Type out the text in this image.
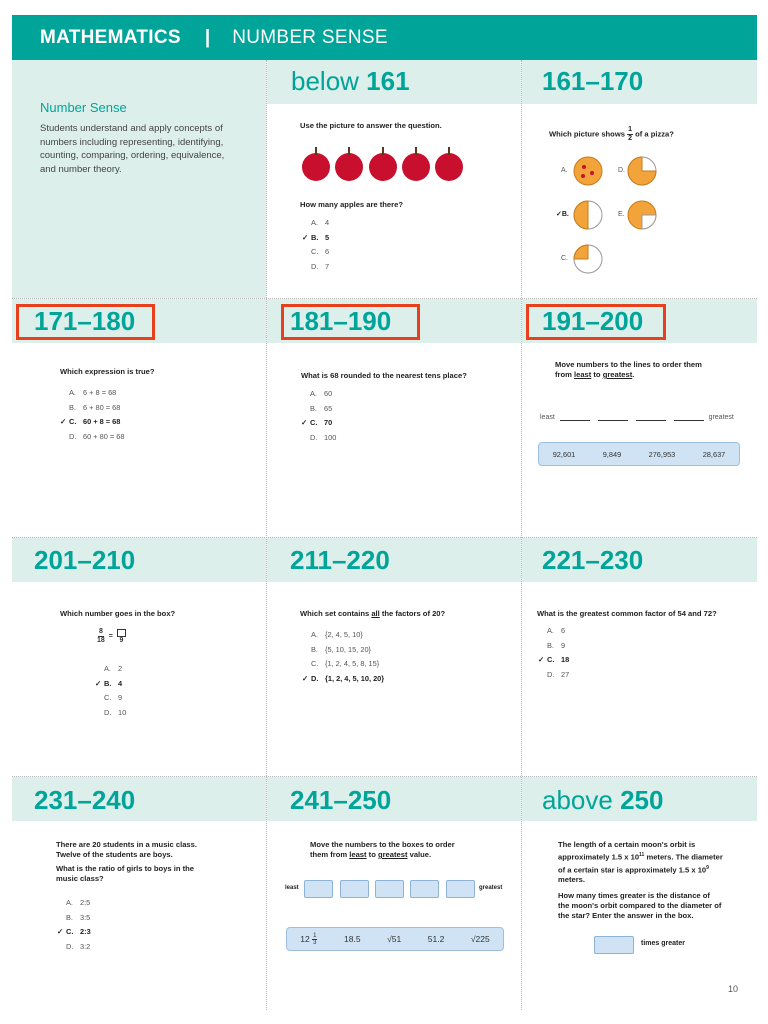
MATHEMATICS | NUMBER SENSE
Number Sense
Students understand and apply concepts of numbers including representing, identifying, counting, comparing, ordering, equivalence, and number theory.
below 161	161–170
Use the picture to answer the question.
How many apples are there?
A. 4
✓ B. 5
C. 6
D. 7
Which picture shows $\frac{1}{2}$ of a pizza?
A.	D.
✓B.	E.
C.
171–180	181–190	191–200
Which expression is true?
A. 6 + 8 = 68
B. 6 + 80 = 68
✓ C. 60 + 8 = 68
D. 60 + 80 = 68
What is 68 rounded to the nearest tens place?
A. 60
B. 65
✓ C. 70
D. 100
Move numbers to the lines to order them
from least to greatest.
least	greatest
92,601	9,849	276,953	28,637
201–210	211–220	221–230
Which number goes in the box?
$\frac{8}{18} = 9$
A. 2
✓ B. 4
C. 9
D. 10
Which set contains all the factors of 20?
A. {2, 4, 5, 10}
B. {5, 10, 15, 20}
C. {1, 2, 4, 5, 8, 15}
✓ D. {1, 2, 4, 5, 10, 20}
What is the greatest common factor of 54 and 72?
A. 6
B. 9
✓ C. 18
D. 27
231–240	241–250	above 250
There are 20 students in a music class. Twelve of the students are boys.
What is the ratio of girls to boys in the music class?
A. 2:5
B. 3:5
✓ C. 2:3
D. 3:2
Move the numbers to the boxes to order
them from least to greatest value.
least	greatest
$12 \frac{1}{3}$	18.5	√51	51.2	√225
The length of a certain moon's orbit is approximately 1.5 x $10^{11}$ meters. The diameter of a certain star is approximately 1.5 x $10^9$ meters.
How many times greater is the distance of the moon's orbit compared to the diameter of the star? Enter the answer in the box.
times greater
10
